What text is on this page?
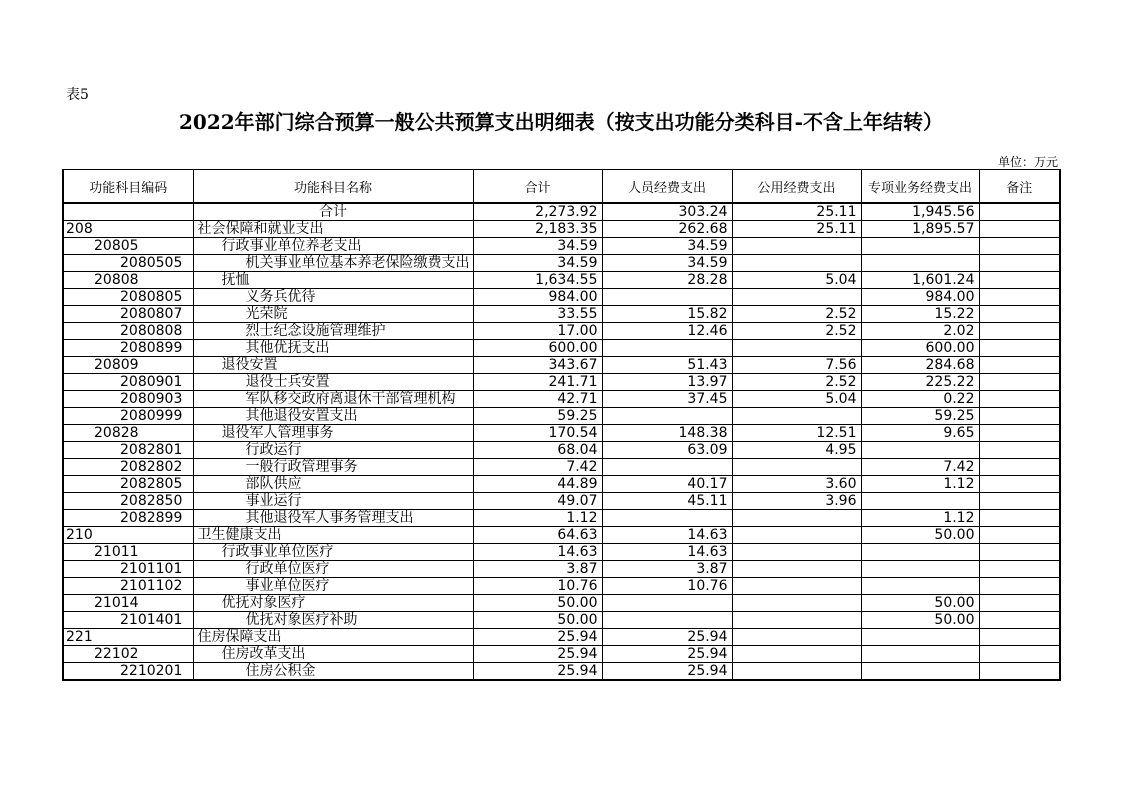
表5
2022年部门综合预算一般公共预算支出明细表（按支出功能分类科目-不含上年结转）
单位：万元
功能科目编码	功能科目名称	合计	人员经费支出	公用经费支出	专项业务经费支出	备注
	合计	2,273.92	303.24	25.11	1,945.56	
208	社会保障和就业支出	2,183.35	262.68	25.11	1,895.57	
20805	行政事业单位养老支出	34.59	34.59			
2080505	机关事业单位基本养老保险缴费支出	34.59	34.59			
20808	抚恤	1,634.55	28.28	5.04	1,601.24	
2080805	义务兵优待	984.00			984.00	
2080807	光荣院	33.55	15.82	2.52	15.22	
2080808	烈士纪念设施管理维护	17.00	12.46	2.52	2.02	
2080899	其他优抚支出	600.00			600.00	
20809	退役安置	343.67	51.43	7.56	284.68	
2080901	退役士兵安置	241.71	13.97	2.52	225.22	
2080903	军队移交政府离退休干部管理机构	42.71	37.45	5.04	0.22	
2080999	其他退役安置支出	59.25			59.25	
20828	退役军人管理事务	170.54	148.38	12.51	9.65	
2082801	行政运行	68.04	63.09	4.95		
2082802	一般行政管理事务	7.42			7.42	
2082805	部队供应	44.89	40.17	3.60	1.12	
2082850	事业运行	49.07	45.11	3.96		
2082899	其他退役军人事务管理支出	1.12			1.12	
210	卫生健康支出	64.63	14.63		50.00	
21011	行政事业单位医疗	14.63	14.63			
2101101	行政单位医疗	3.87	3.87			
2101102	事业单位医疗	10.76	10.76			
21014	优抚对象医疗	50.00			50.00	
2101401	优抚对象医疗补助	50.00			50.00	
221	住房保障支出	25.94	25.94			
22102	住房改革支出	25.94	25.94			
2210201	住房公积金	25.94	25.94			
